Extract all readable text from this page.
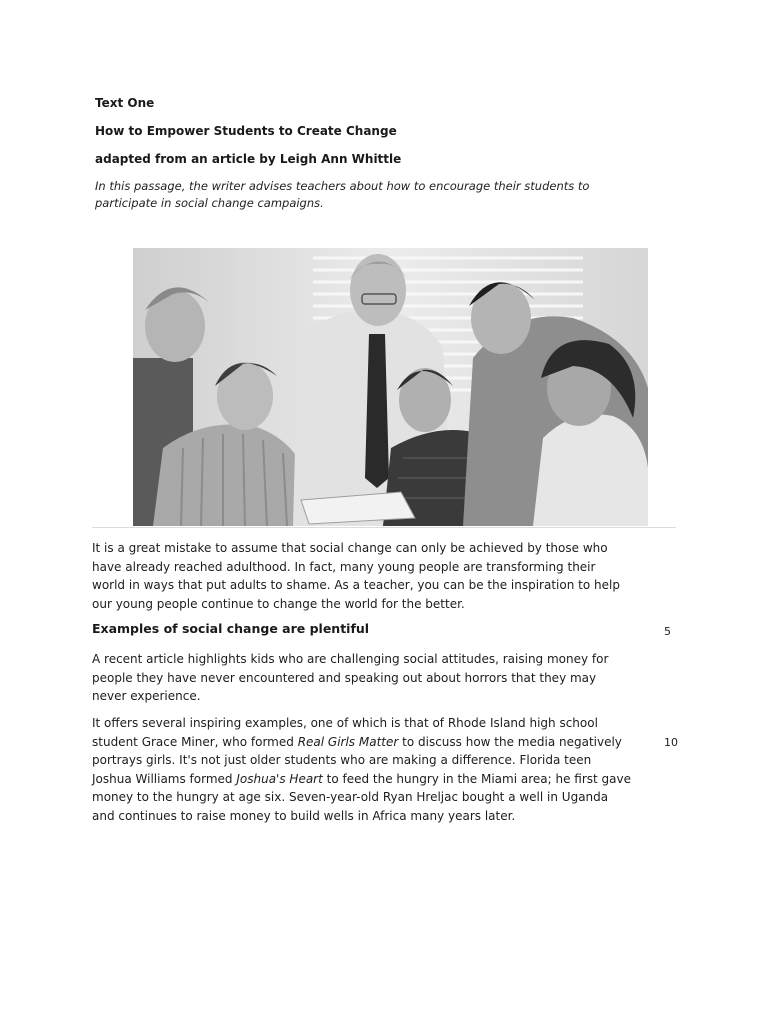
Text One
How to Empower Students to Create Change
adapted from an article by Leigh Ann Whittle
In this passage, the writer advises teachers about how to encourage their students to
participate in social change campaigns.
It is a great mistake to assume that social change can only be achieved by those who
have already reached adulthood. In fact, many young people are transforming their
world in ways that put adults to shame. As a teacher, you can be the inspiration to help
our young people continue to change the world for the better.
Examples of social change are plentiful	5
A recent article highlights kids who are challenging social attitudes, raising money for
people they have never encountered and speaking out about horrors that they may
never experience.
It offers several inspiring examples, one of which is that of Rhode Island high school
student Grace Miner, who formed Real Girls Matter to discuss how the media negatively
portrays girls. It's not just older students who are making a difference. Florida teen
Joshua Williams formed Joshua's Heart to feed the hungry in the Miami area; he first gave
money to the hungry at age six. Seven-year-old Ryan Hreljac bought a well in Uganda
and continues to raise money to build wells in Africa many years later.
10
